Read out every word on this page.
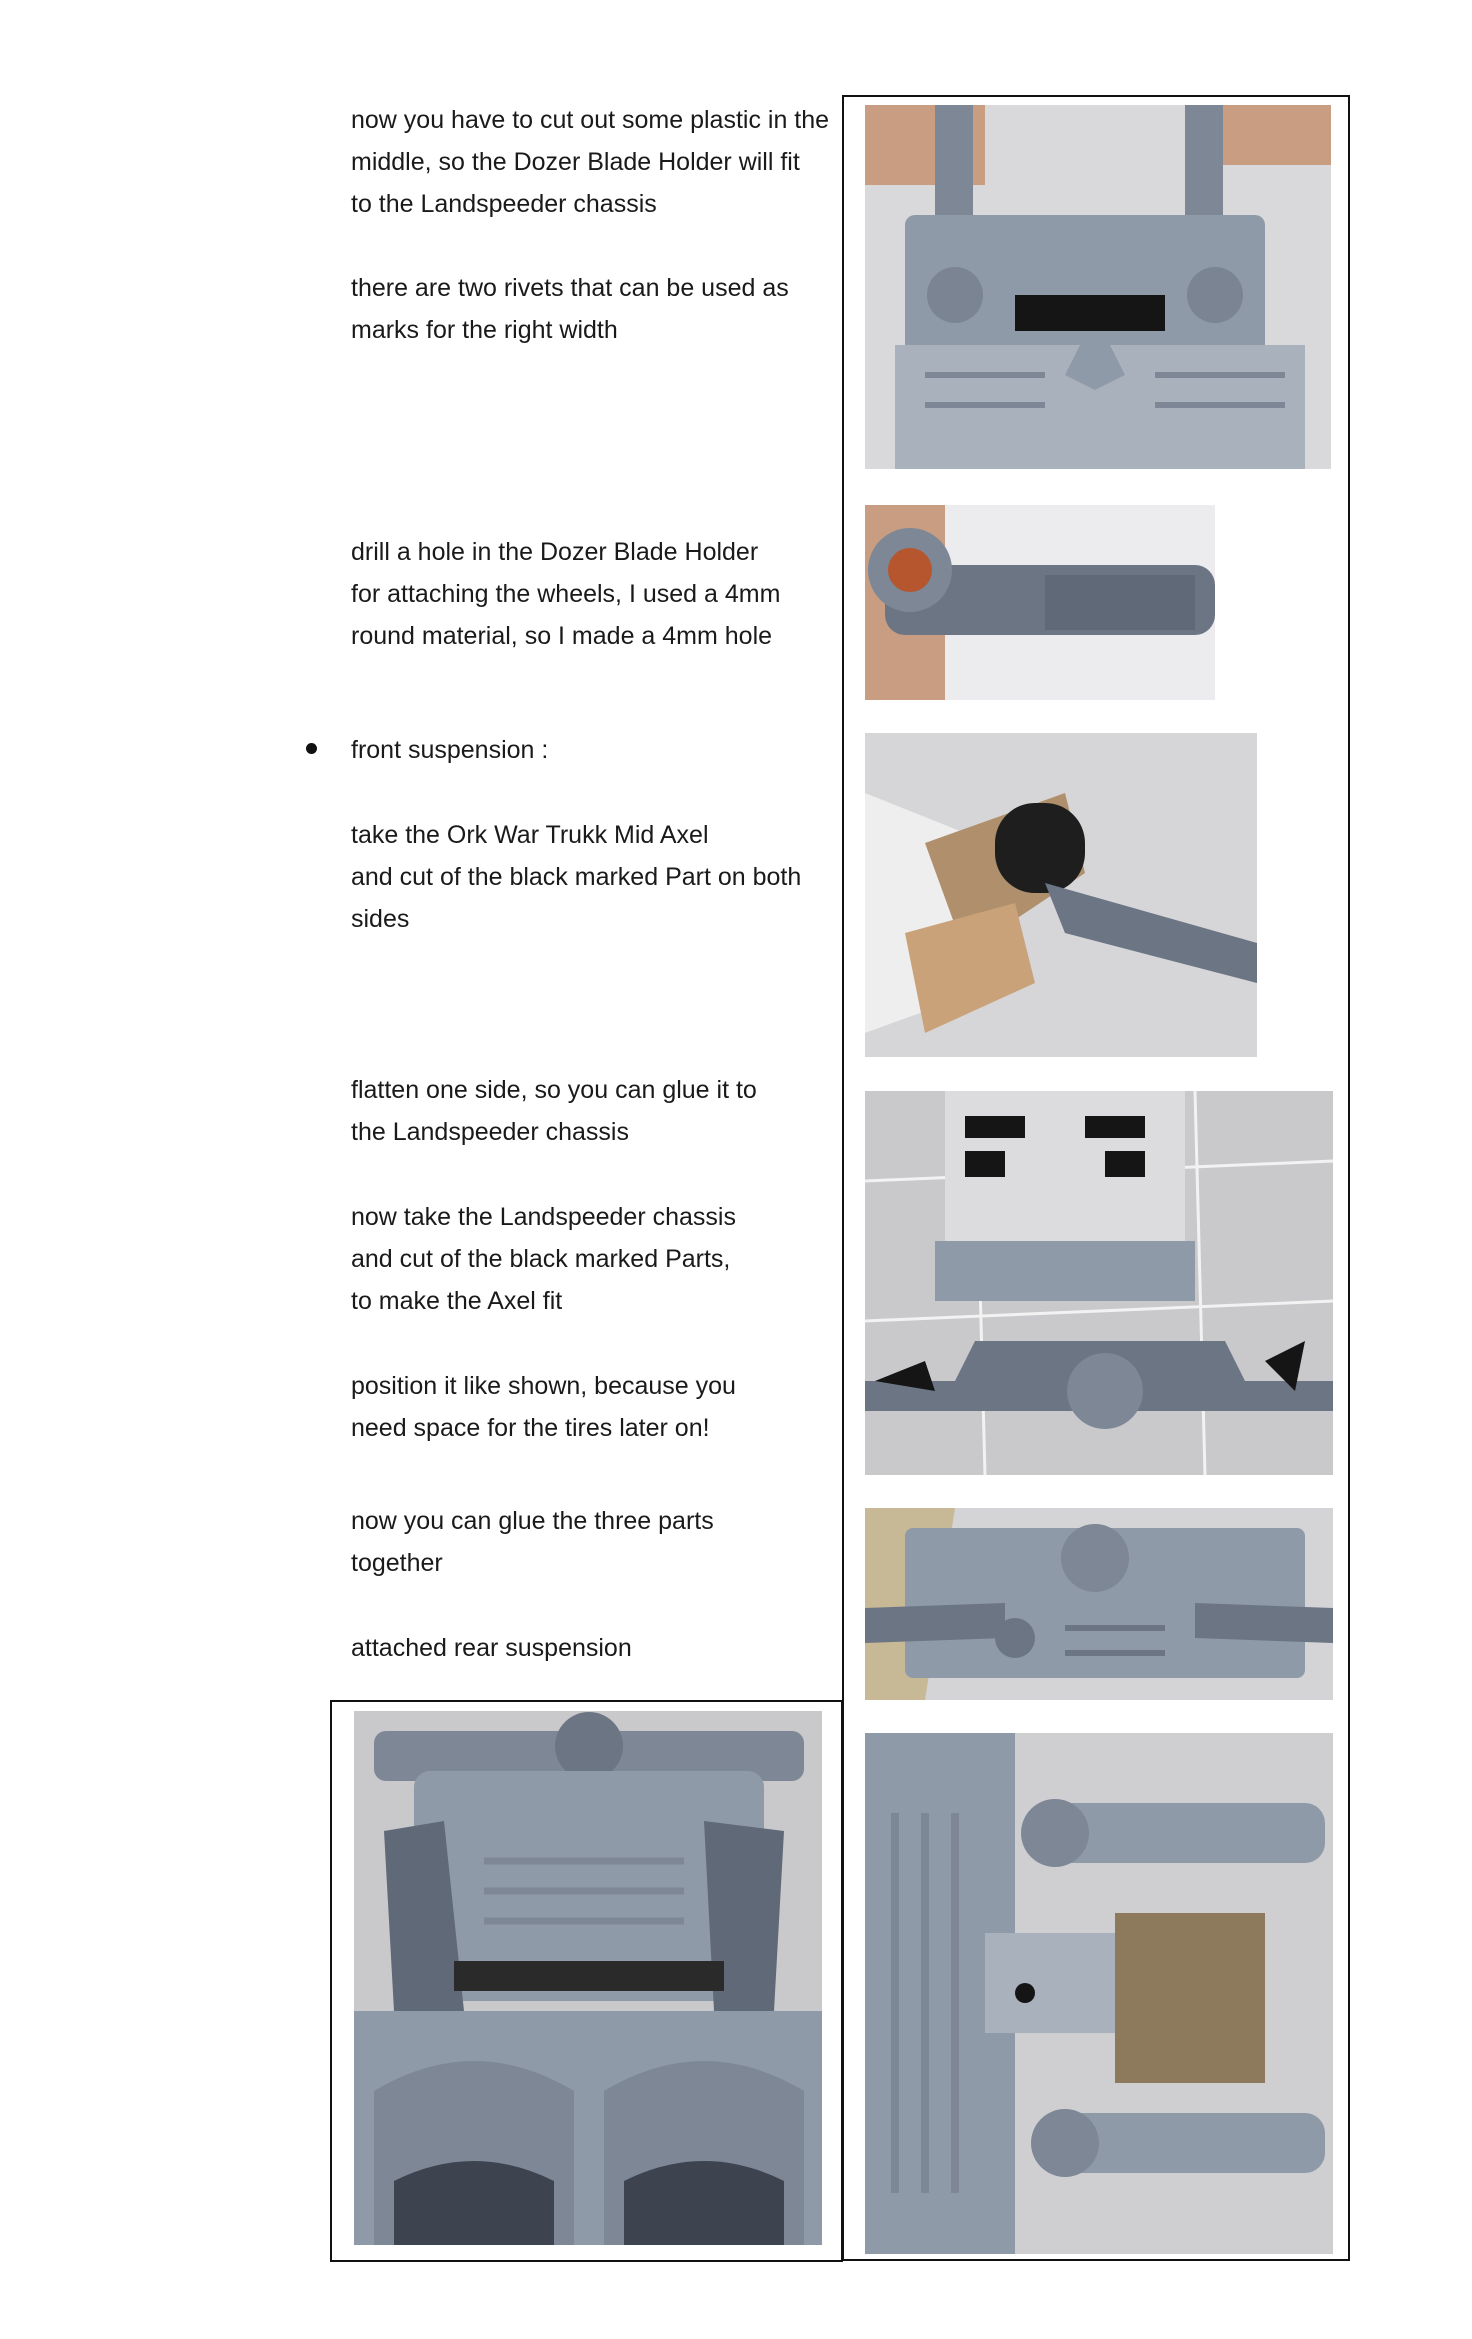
now you have to cut out some plastic in the
middle, so the Dozer Blade Holder will fit
to the Landspeeder chassis
there are two rivets that can be used as
marks for the right width
drill a hole in the Dozer Blade Holder
for attaching the wheels, I used a 4mm
round material, so I made a 4mm hole
front suspension :
take the Ork War Trukk Mid Axel
and cut of the black marked Part on both
sides
flatten one side, so you can glue it to
the Landspeeder chassis
now take the Landspeeder chassis
and cut of the black marked Parts,
to make the Axel fit
position it like shown, because you
need space for the tires later on!
now you can glue the three parts
together
attached rear suspension
